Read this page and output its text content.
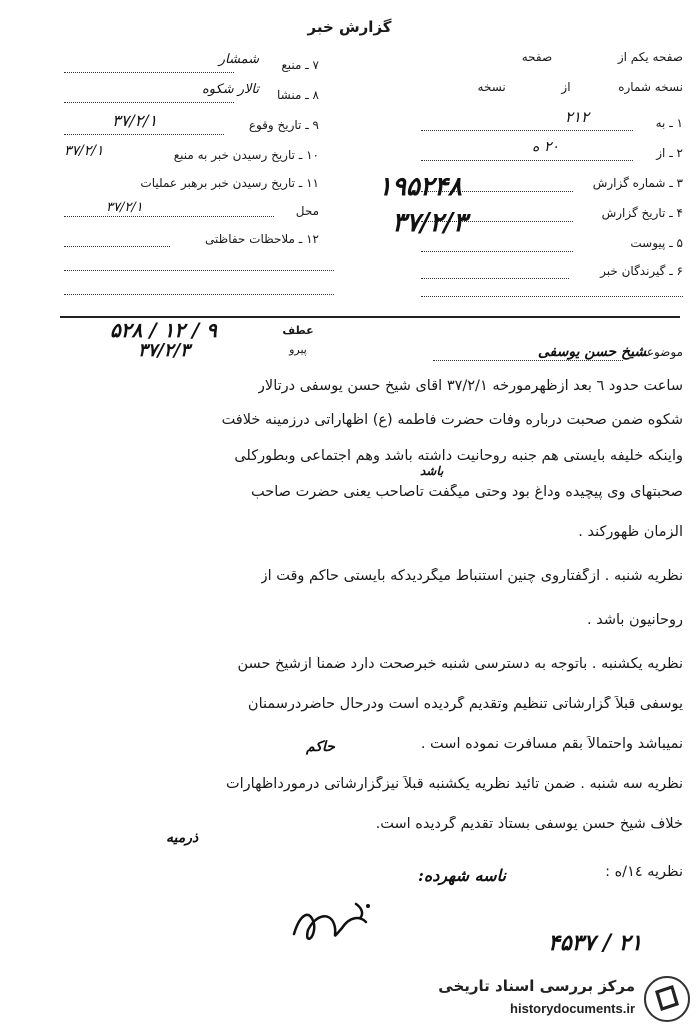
گزارش خبر
صفحه یکم از  صفحه
نسخه شماره  از  نسخه
۱ ـ به
۲۱۲
۲ ـ از
۲۰ ه
۳ ـ شماره گزارش
۴ ـ تاریخ گزارش
۵ ـ پیوست
۶ ـ گیرندگان خبر
۱۹۵۲۴۸
۳۷/۲/۳
۷ ـ منبع
شمشار
۸ ـ منشا
تالار شکوه
۹ ـ تاریخ وقوع
۳۷/۲/۱
۱۰ ـ تاریخ رسیدن خبر به منبع
۳۷/۲/۱
۱۱ ـ تاریخ رسیدن خبر برهبر عملیات
محل
۳۷/۲/۱
۱۲ ـ ملاحظات حفاظتی
عطف
پیرو
۵۲۸ / ۱۲ / ۹
۳۷/۲/۳	موضوعشیخ حسن یوسفی
ساعت حدود ٦ بعد ازظهرمورخه ٣٧/٢/١ آقای شیخ حسن یوسفی درتالار
شکوه ضمن صحبت درباره وفات حضرت فاطمه (ع) اظهاراتی درزمینه خلافت
واینکه خلیفه بایستی هم جنبه روحانیت داشته باشد وهم اجتماعی وبطورکلی
صحبتهای وی پیچیده وداغ بود وحتی میگفت تاصاحب یعنی حضرت صاحب
الزمان ظهورکند .
نظریه شنبه . ازگفتاروی چنین استنباط میگردیدکه بایستی حاکم وقت از
روحانیون باشد .
نظریه یکشنبه . باتوجه به دسترسی شنبه خبرصحت دارد ضمناً ازشیخ حسن
یوسفی قبلاً گزارشاتی تنظیم وتقدیم گردیده است ودرحال حاضردرسمنان
نمیباشد واحتمالاً بقم مسافرت نموده است .
نظریه سه شنبه . ضمن تائید نظریه یکشنبه قبلاً نیزگزارشاتی درمورداظهارات
خلاف شیخ حسن یوسفی بستاد تقدیم گردیده است.
نظریه ١٤/ه :
باشد
حاکم
ذرمیه
:ناسه شهرده
۴۵۳۷ / ۲۱
مرکز بررسی اسناد تاریخی
historydocuments.ir
